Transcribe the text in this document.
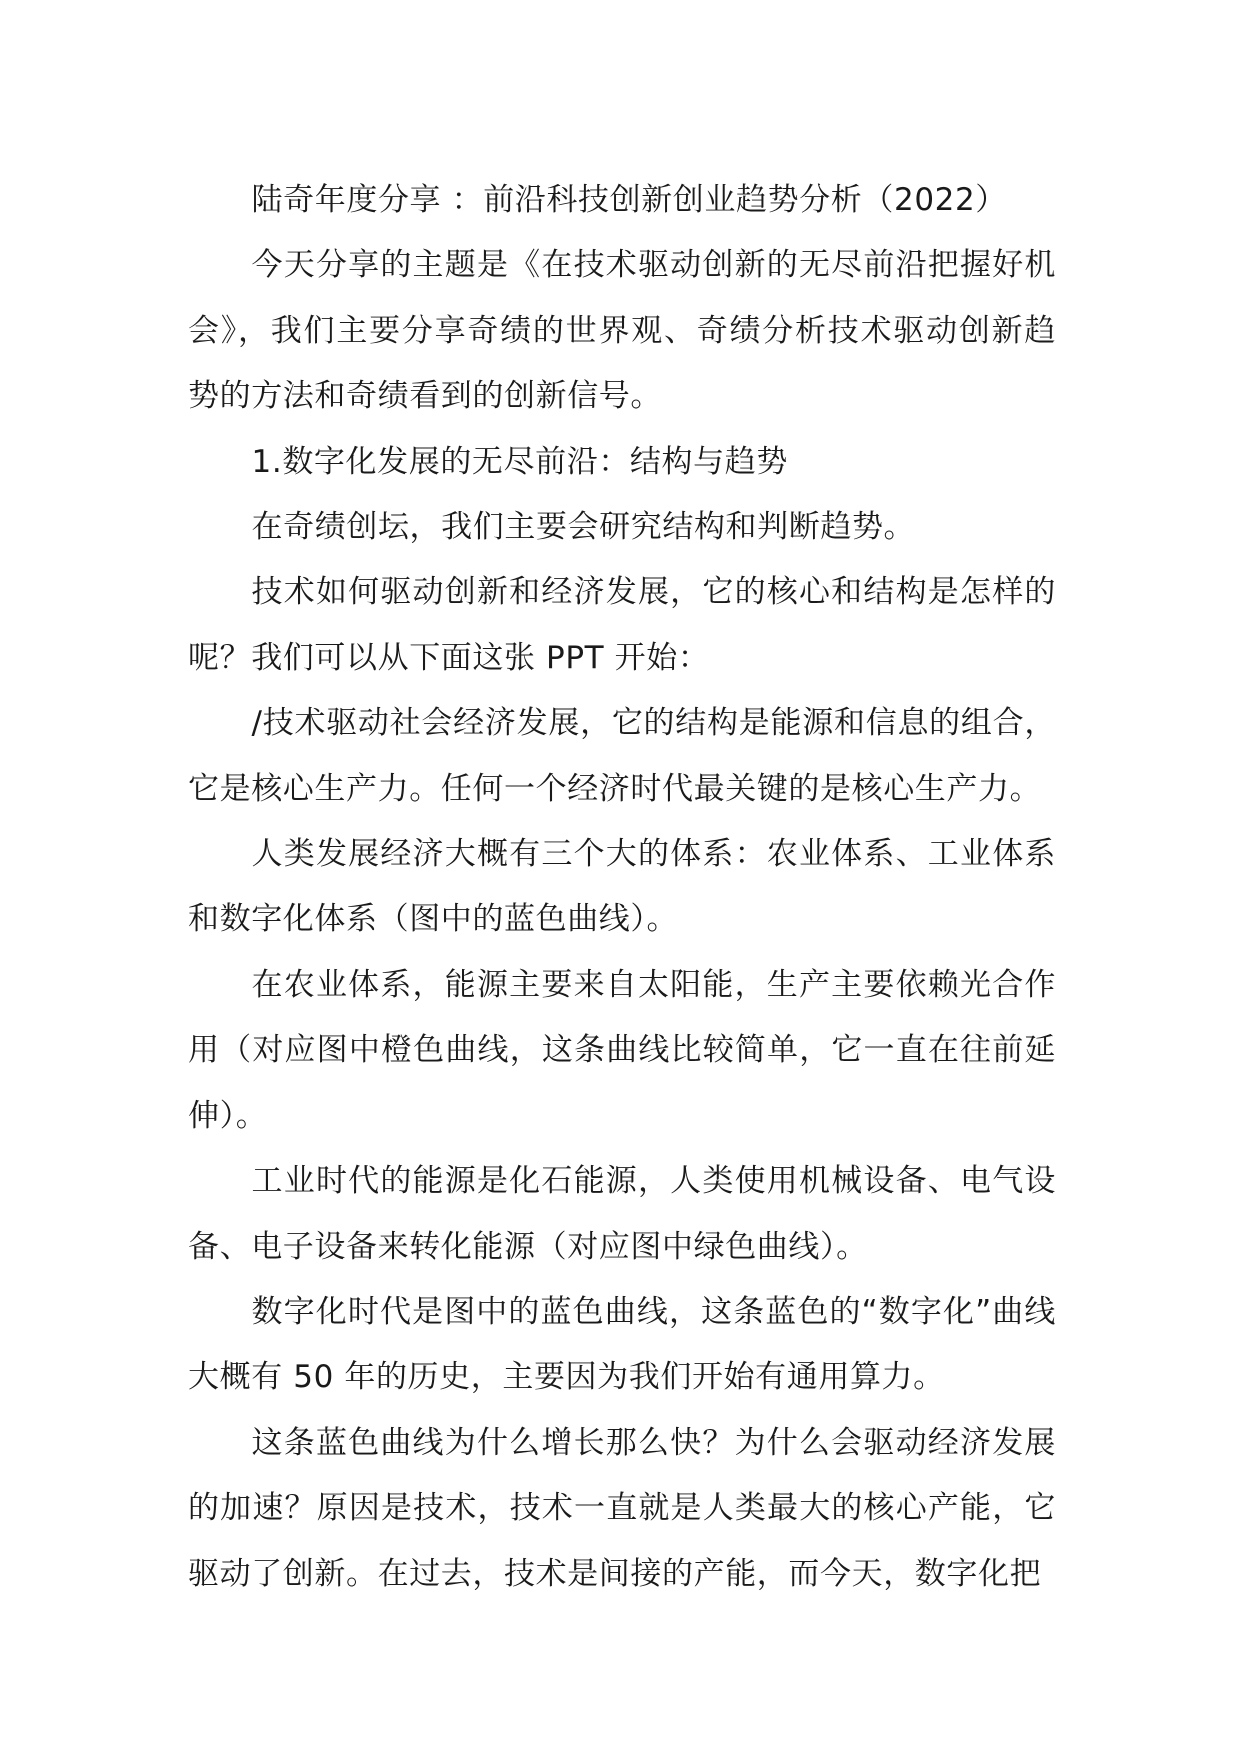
陆奇年度分享 ：前沿科技创新创业趋势分析（2022）

今天分享的主题是《在技术驱动创新的无尽前沿把握好机会》，我们主要分享奇绩的世界观、奇绩分析技术驱动创新趋势的方法和奇绩看到的创新信号。

1.数字化发展的无尽前沿：结构与趋势

在奇绩创坛，我们主要会研究结构和判断趋势。

技术如何驱动创新和经济发展，它的核心和结构是怎样的呢？我们可以从下面这张 PPT 开始：

/技术驱动社会经济发展，它的结构是能源和信息的组合，它是核心生产力。任何一个经济时代最关键的是核心生产力。

人类发展经济大概有三个大的体系：农业体系、工业体系和数字化体系（图中的蓝色曲线）。

在农业体系，能源主要来自太阳能，生产主要依赖光合作用（对应图中橙色曲线，这条曲线比较简单，它一直在往前延伸）。

工业时代的能源是化石能源，人类使用机械设备、电气设备、电子设备来转化能源（对应图中绿色曲线）。

数字化时代是图中的蓝色曲线，这条蓝色的“数字化”曲线大概有 50 年的历史，主要因为我们开始有通用算力。

这条蓝色曲线为什么增长那么快？为什么会驱动经济发展的加速？原因是技术，技术一直就是人类最大的核心产能，它驱动了创新。在过去，技术是间接的产能，而今天，数字化把
